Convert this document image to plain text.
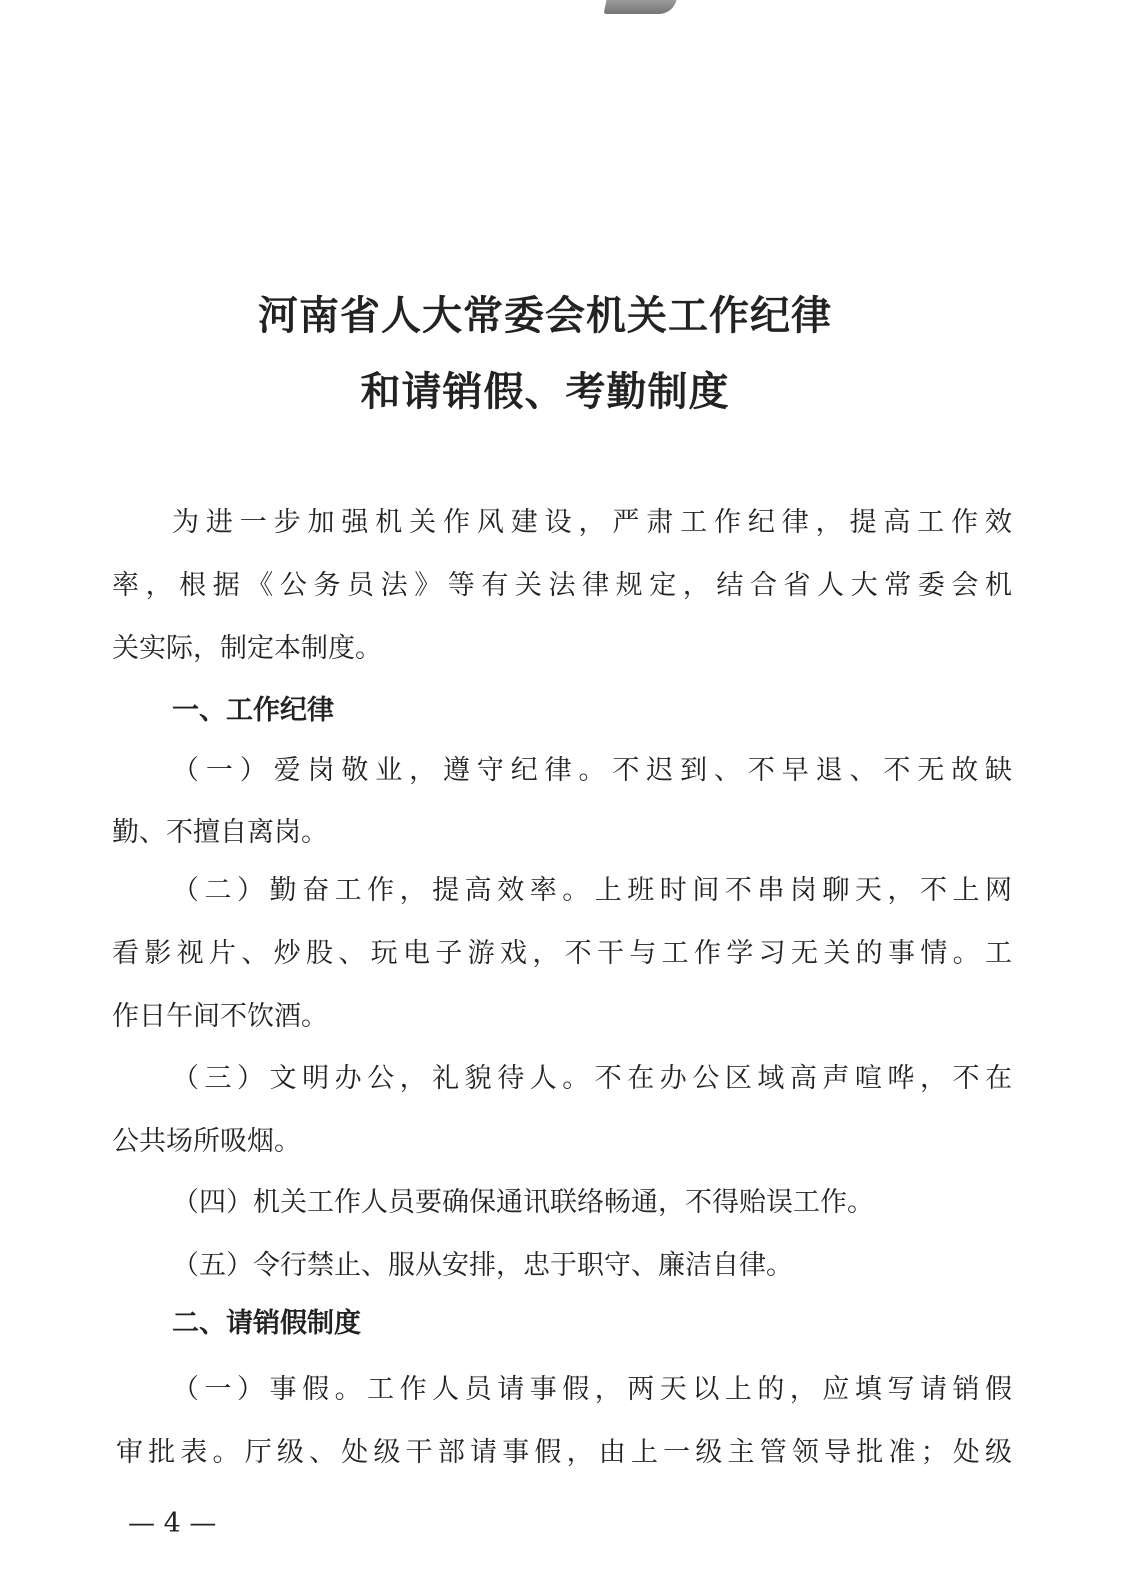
河南省人大常委会机关工作纪律
和请销假、考勤制度
为进一步加强机关作风建设，严肃工作纪律，提高工作效
率，根据《公务员法》等有关法律规定，结合省人大常委会机
关实际，制定本制度。
一、工作纪律
（一）爱岗敬业，遵守纪律。不迟到、不早退、不无故缺
勤、不擅自离岗。
（二）勤奋工作，提高效率。上班时间不串岗聊天，不上网
看影视片、炒股、玩电子游戏，不干与工作学习无关的事情。工
作日午间不饮酒。
（三）文明办公，礼貌待人。不在办公区域高声喧哗，不在
公共场所吸烟。
（四）机关工作人员要确保通讯联络畅通，不得贻误工作。
（五）令行禁止、服从安排，忠于职守、廉洁自律。
二、请销假制度
（一）事假。工作人员请事假，两天以上的，应填写请销假
审批表。厅级、处级干部请事假，由上一级主管领导批准；处级
— 4 —
